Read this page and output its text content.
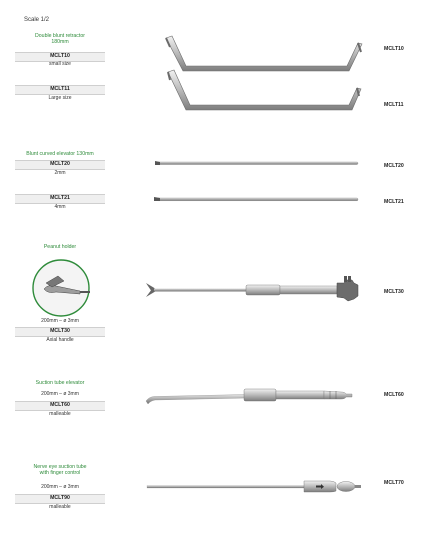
Scale 1/2
Double blunt retractor
180mm
MCLT10
small size
MCLT11
Large size
MCLT10
MCLT11
Blunt curved elevator 130mm
MCLT20
2mm
MCLT21
4mm
MCLT20
MCLT21
Peanut holder
200mm – ø 3mm
MCLT30
Axial handle
MCLT30
Suction tube elevator
200mm – ø 3mm
MCLT60
malleable
MCLT60
Nerve eye suction tube
with finger control
200mm – ø 3mm
MCLT90
malleable
MCLT70
